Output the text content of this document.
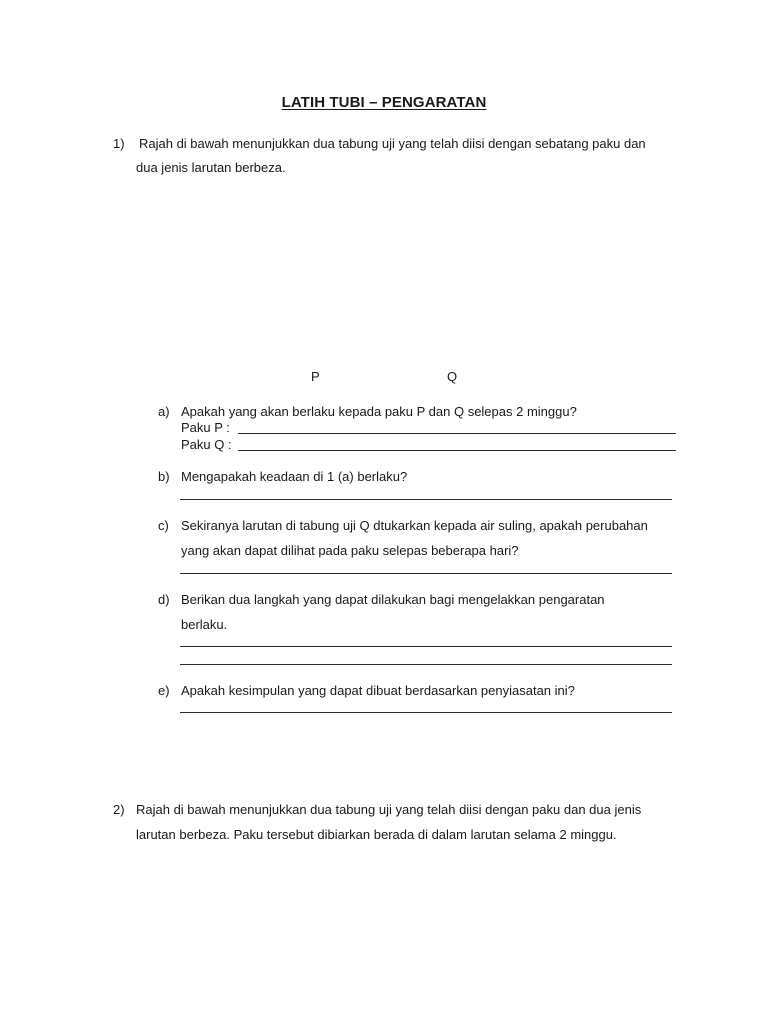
LATIH TUBI – PENGARATAN
1) Rajah di bawah menunjukkan dua tabung uji yang telah diisi dengan sebatang paku dan
dua jenis larutan berbeza.
P	Q
a) Apakah yang akan berlaku kepada paku P dan Q selepas 2 minggu?
Paku P :
Paku Q :
b) Mengapakah keadaan di 1 (a) berlaku?
c) Sekiranya larutan di tabung uji Q dtukarkan kepada air suling, apakah perubahan
yang akan dapat dilihat pada paku selepas beberapa hari?
d) Berikan dua langkah yang dapat dilakukan bagi mengelakkan pengaratan
berlaku.
e) Apakah kesimpulan yang dapat dibuat berdasarkan penyiasatan ini?
2) Rajah di bawah menunjukkan dua tabung uji yang telah diisi dengan paku dan dua jenis
larutan berbeza. Paku tersebut dibiarkan berada di dalam larutan selama 2 minggu.
